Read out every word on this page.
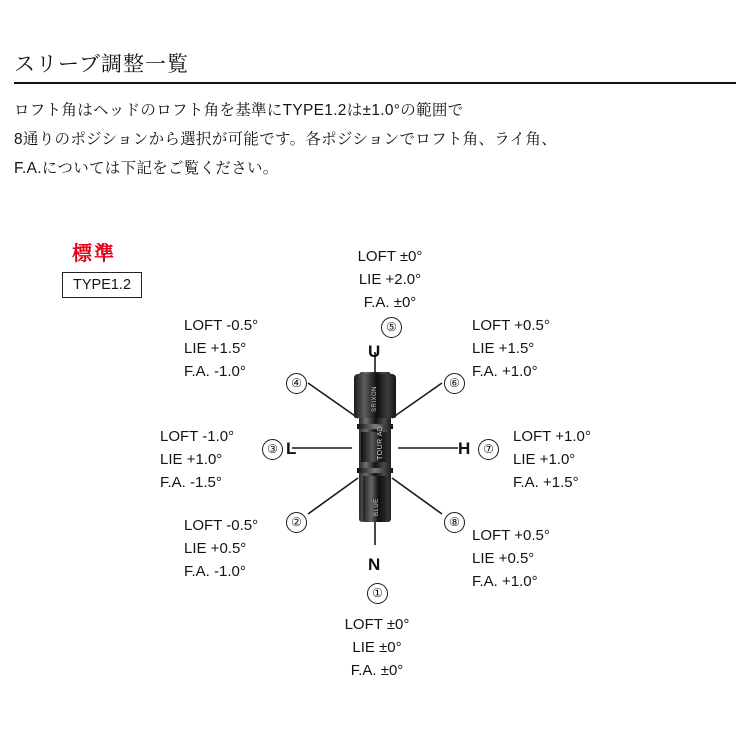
スリーブ調整一覧
ロフト角はヘッドのロフト角を基準にTYPE1.2は±1.0°の範囲で
8通りのポジションから選択が可能です。各ポジションでロフト角、ライ角、
F.A.については下記をご覧ください。
標準
TYPE1.2
SRIXON
TOUR AD
BLUE
LOFT ±0°
LIE +2.0°
F.A. ±0°
⑤
U
LOFT -0.5°
LIE +1.5°
F.A. -1.0°
④
LOFT +0.5°
LIE +1.5°
F.A. +1.0°
⑥
LOFT -1.0°
LIE +1.0°
F.A. -1.5°
③ L
LOFT +1.0°
LIE +1.0°
F.A. +1.5°
H	⑦
LOFT -0.5°
LIE +0.5°
F.A. -1.0°
②
LOFT +0.5°
LIE +0.5°
F.A. +1.0°
⑧
N
①
LOFT ±0°
LIE ±0°
F.A. ±0°
